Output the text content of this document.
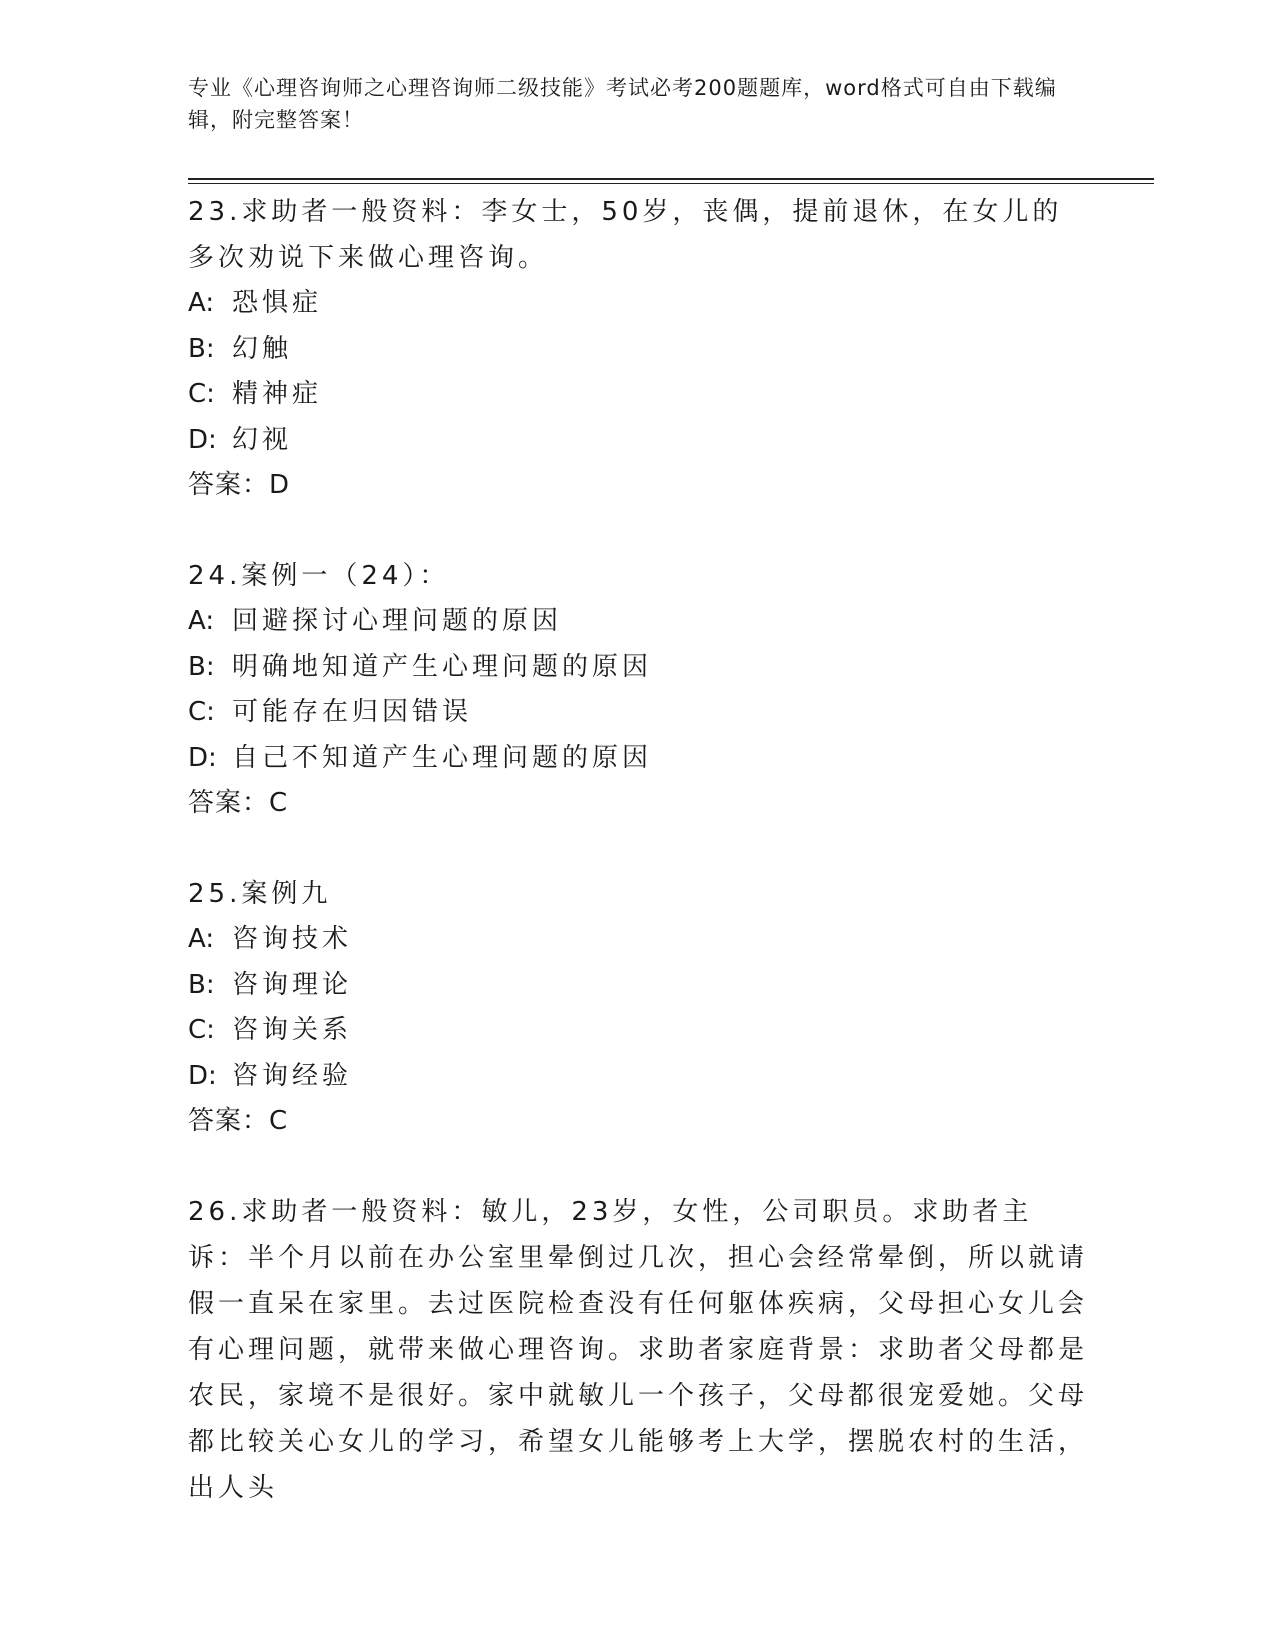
专业《心理咨询师之心理咨询师二级技能》考试必考200题题库，word格式可自由下载编辑，附完整答案！

23.求助者一般资料：李女士，50岁，丧偶，提前退休，在女儿的多次劝说下来做心理咨询。

A: 恐惧症

B: 幻触

C: 精神症

D: 幻视

答案：D

24.案例一（24）：

A: 回避探讨心理问题的原因

B: 明确地知道产生心理问题的原因

C: 可能存在归因错误

D: 自己不知道产生心理问题的原因

答案：C

25.案例九

A: 咨询技术

B: 咨询理论

C: 咨询关系

D: 咨询经验

答案：C

26.求助者一般资料：敏儿，23岁，女性，公司职员。求助者主诉：半个月以前在办公室里晕倒过几次，担心会经常晕倒，所以就请假一直呆在家里。去过医院检查没有任何躯体疾病，父母担心女儿会有心理问题，就带来做心理咨询。求助者家庭背景：求助者父母都是农民，家境不是很好。家中就敏儿一个孩子，父母都很宠爱她。父母都比较关心女儿的学习，希望女儿能够考上大学，摆脱农村的生活，出人头
